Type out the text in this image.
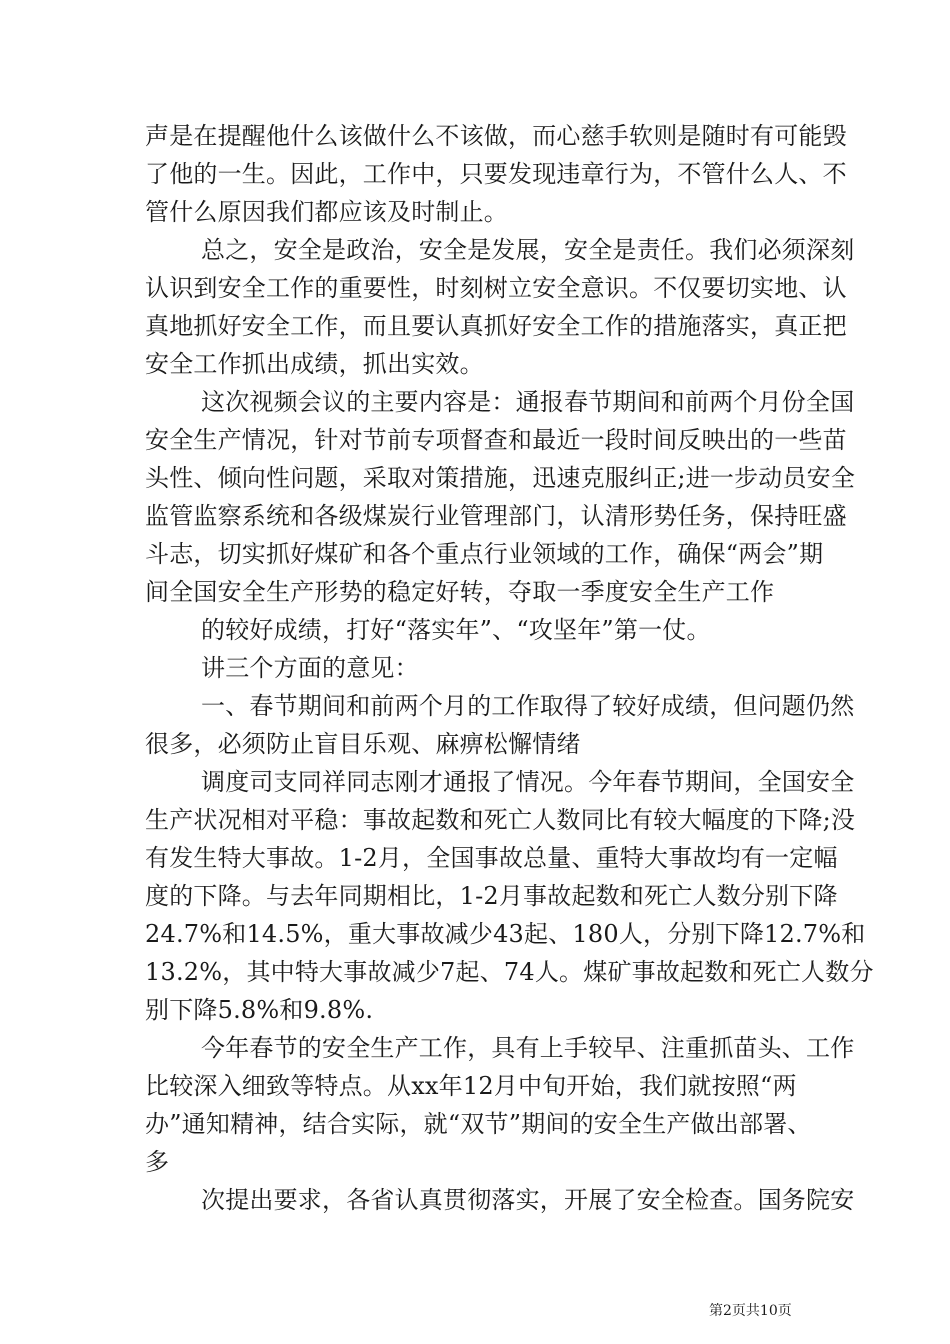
声是在提醒他什么该做什么不该做，而心慈手软则是随时有可能毁
了他的一生。因此，工作中，只要发现违章行为，不管什么人、不
管什么原因我们都应该及时制止。
总之，安全是政治，安全是发展，安全是责任。我们必须深刻
认识到安全工作的重要性，时刻树立安全意识。不仅要切实地、认
真地抓好安全工作，而且要认真抓好安全工作的措施落实，真正把
安全工作抓出成绩，抓出实效。
这次视频会议的主要内容是：通报春节期间和前两个月份全国
安全生产情况，针对节前专项督查和最近一段时间反映出的一些苗
头性、倾向性问题，采取对策措施，迅速克服纠正;进一步动员安全
监管监察系统和各级煤炭行业管理部门，认清形势任务，保持旺盛
斗志，切实抓好煤矿和各个重点行业领域的工作，确保“两会”期
间全国安全生产形势的稳定好转，夺取一季度安全生产工作
的较好成绩，打好“落实年”、“攻坚年”第一仗。
讲三个方面的意见：
一、春节期间和前两个月的工作取得了较好成绩，但问题仍然
很多，必须防止盲目乐观、麻痹松懈情绪
调度司支同祥同志刚才通报了情况。今年春节期间，全国安全
生产状况相对平稳：事故起数和死亡人数同比有较大幅度的下降;没
有发生特大事故。1-2月，全国事故总量、重特大事故均有一定幅
度的下降。与去年同期相比，1-2月事故起数和死亡人数分别下降
24.7%和14.5%，重大事故减少43起、180人，分别下降12.7%和
13.2%，其中特大事故减少7起、74人。煤矿事故起数和死亡人数分
别下降5.8%和9.8%.
今年春节的安全生产工作，具有上手较早、注重抓苗头、工作
比较深入细致等特点。从xx年12月中旬开始，我们就按照“两
办”通知精神，结合实际，就“双节”期间的安全生产做出部署、
多
次提出要求，各省认真贯彻落实，开展了安全检查。国务院安
第2页共10页
